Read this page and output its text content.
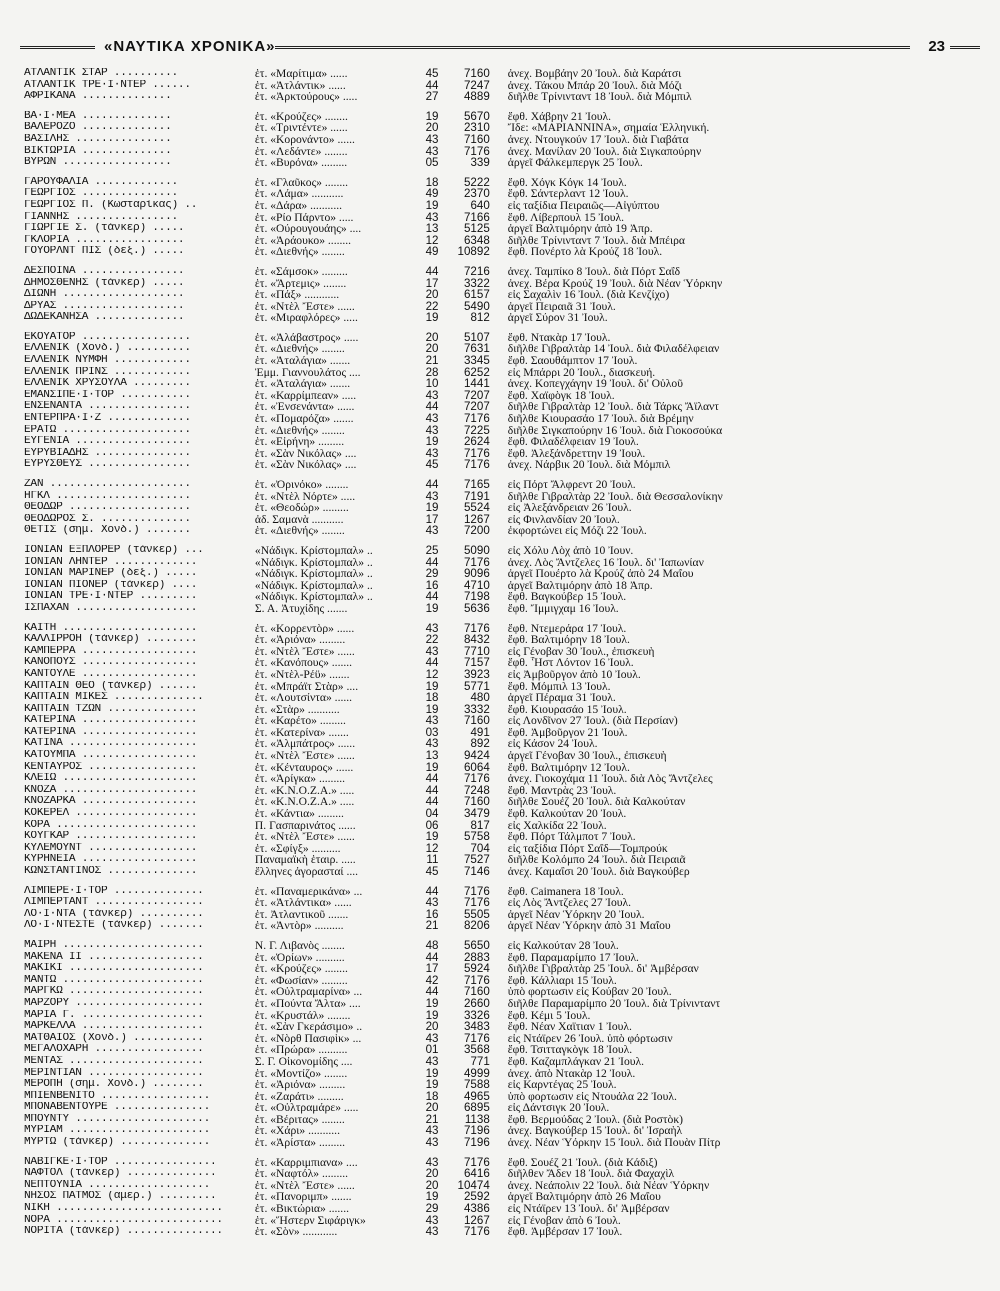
«ΝΑΥΤΙΚΑ ΧΡΟΝΙΚΑ»	23
ΑΤΛΑΝΤΙΚ ΣΤΑΡ ..........	ἑτ. «Μαρίτιμα» ......	45	7160	ἀνεχ. Βομβάην 20 Ἰουλ. διὰ Καράτσι
ΑΤΛΑΝΤΙΚ ΤΡΕ·Ι·ΝΤΕΡ ......	ἑτ. «Ἀτλάντικ» ......	44	7247	ἀνεχ. Τάκου Μπάρ 20 Ἰουλ. διὰ Μόζι
ΑΦΡΙΚΑΝΑ ..............	ἑτ. «Ἀρκτούρους» .....	27	4889	διῆλθε Τρίνινταντ 18 Ἰουλ. διὰ Μόμπιλ
ΒΑ·Ι·ΜΕΑ ..............	ἑτ. «Κρούζες» ........	19	5670	ἔφθ. Χάβρην 21 Ἰουλ.
ΒΑΛΕΡΟΖΟ ..............	ἑτ. «Τριντέντε» ......	20	2310	Ἴδε: «ΜΑΡΙΑΝΝΙΝΑ», σημαία Ἑλληνική.
ΒΑΣΙΛΗΣ ...............	ἑτ. «Κορονάντο» ......	43	7160	ἀνεχ. Ντουγκούν 17 Ἰουλ. διὰ Γιαβάτα
ΒΙΚΤΩΡΙΑ ..............	ἑτ. «Λεδάντε» ........	43	7176	ἀνεχ. Μανίλαν 20 Ἰουλ. διὰ Σιγκαπούρην
ΒΥΡΩΝ .................	ἑτ. «Βυρόνα» .........	05	339	ἀργεῖ Φάλκεμπεργκ 25 Ἰουλ.
ΓΑΡΟΥΦΑΛΙΑ .............	ἑτ. «Γλαῦκος» ........	18	5222	ἔφθ. Χόγκ Κόγκ 14 Ἰουλ.
ΓΕΩΡΓΙΟΣ ...............	ἑτ. «Λάμα» ...........	49	2370	ἔφθ. Σάντερλαντ 12 Ἰουλ.
ΓΕΩΡΓΙΟΣ Π. (Κωσταρίκας) ..	ἑτ. «Δάρα» ...........	19	640	εἰς ταξίδια Πειραιῶς—Αἰγύπτου
ΓΙΑΝΝΗΣ ................	ἑτ. «Ρίο Πάρντο» .....	43	7166	ἔφθ. Λίβερπουλ 15 Ἰουλ.
ΓΙΩΡΓΙΕ Σ. (τάνκερ) .....	ἑτ. «Ούρουγουάης» ....	13	5125	ἀργεῖ Βαλτιμόρην ἀπὸ 19 Ἀπρ.
ΓΚΛΟΡΙΑ .................	ἑτ. «Ἀράουκο» ........	12	6348	διῆλθε Τρίνινταντ 7 Ἰουλ. διὰ Μπέιρα
ΓΟΥΟΡΛΝΤ ΠΙΣ (δεξ.) .....	ἑτ. «Διεθνής» ........	49	10892	ἔφθ. Πονέρτο λὰ Κρούζ 18 Ἰουλ.
ΔΕΣΠΟΙΝΑ ................	ἑτ. «Σάμσοκ» .........	44	7216	ἀνεχ. Ταμπίκο 8 Ἰουλ. διὰ Πόρτ Σαΐδ
ΔΗΜΟΣΘΕΝΗΣ (τάνκερ) .....	ἑτ. «Ἄρτεμις» ........	17	3322	ἀνεχ. Βέρα Κρούζ 19 Ἰουλ. διὰ Νέαν Ὑόρκην
ΔΙΩΝΗ ...................	ἑτ. «Πάξ» ............	20	6157	εἰς Σαχαλὶν 16 Ἰουλ. (διὰ Κενζίχο)
ΔΡΥΑΣ ...................	ἑτ. «Ντὲλ Ἔστε» ......	22	5490	ἀργεῖ Πειραιᾶ 31 Ἰουλ.
ΔΩΔΕΚΑΝΗΣΑ ..............	ἑτ. «Μιραφλόρες» .....	19	812	ἀργεῖ Σύρον 31 Ἰουλ.
ΕΚΟΥΑΤΟΡ .................	ἑτ. «Ἀλάβαστρος» .....	20	5107	ἔφθ. Ντακὰρ 17 Ἰουλ.
ΕΛΛΕΝΙΚ (Χονδ.) ..........	ἑτ. «Διεθνής» ........	20	7631	διῆλθε Γιβραλτὰρ 14 Ἰουλ. διὰ Φιλαδέλφειαν
ΕΛΛΕΝΙΚ ΝΥΜΦΗ ............	ἑτ. «Ἀταλάγια» .......	21	3345	ἔφθ. Σαουθάμπτον 17 Ἰουλ.
ΕΛΛΕΝΙΚ ΠΡΙΝΣ ............	Ἐμμ. Γιαννουλάτος ....	28	6252	εἰς Μπάρρι 20 Ἰουλ., διασκευή.
ΕΛΛΕΝΙΚ ΧΡΥΣΟΥΛΑ .........	ἑτ. «Ἀταλάγια» .......	10	1441	ἀνεχ. Κοπεγχάγην 19 Ἰουλ. δι' Οὐλοῦ
ΕΜΑΝΣΙΠΕ·Ι·ΤΟΡ ...........	ἑτ. «Καρρίμπεαν» .....	43	7207	ἔφθ. Χαϊφὸγκ 18 Ἰουλ.
ΕΝΣΕΝΑΝΤΑ ................	ἑτ. «Ἐνσενάντα» ......	44	7207	διῆλθε Γιβραλτὰρ 12 Ἰουλ. διὰ Τάρκς Ἄϊλαντ
ΕΝΤΕΡΠΡΑ·Ι·Ζ .............	ἑτ. «Πομαρόζα» .......	43	7176	διῆλθε Κιουρασάο 17 Ἰουλ. διὰ Βρέμην
ΕΡΑΤΩ ....................	ἑτ. «Διεθνής» ........	43	7225	διῆλθε Σιγκαπούρην 16 Ἰουλ. διὰ Γιοκοσούκα
ΕΥΓΕΝΙΑ ..................	ἑτ. «Εἰρήνη» .........	19	2624	ἔφθ. Φιλαδέλφειαν 19 Ἰουλ.
ΕΥΡΥΒΙΑΔΗΣ ...............	ἑτ. «Σὰν Νικόλας» ....	43	7176	ἔφθ. Ἀλεξάνδρεττην 19 Ἰουλ.
ΕΥΡΥΣΘΕΥΣ ................	ἑτ. «Σὰν Νικόλας» ....	45	7176	ἀνεχ. Νάρβικ 20 Ἰουλ. διὰ Μόμπιλ
ΖΑΝ ......................	ἑτ. «Ὀρινόκο» ........	44	7165	εἰς Πόρτ Ἄλφρεντ 20 Ἰουλ.
ΗΓΚΛ .....................	ἑτ. «Ντὲλ Νόρτε» .....	43	7191	διῆλθε Γιβραλτὰρ 22 Ἰουλ. διὰ Θεσσαλονίκην
ΘΕΟΔΩΡ ...................	ἑτ. «Θεοδώρ» .........	19	5524	εἰς Ἀλεξάνδρειαν 26 Ἰουλ.
ΘΕΟΔΩΡΟΣ Σ. ..............	ἀδ. Σαμανὰ ...........	17	1267	εἰς Φινλανδίαν 20 Ἰουλ.
ΘΕΤΙΣ (σημ. Χονδ.) .......	ἑτ. «Διεθνής» ........	43	7200	ἐκφορτώνει εἰς Μόζι 22 Ἰουλ.
ΙΟΝΙΑΝ ΕΞΠΛΟΡΕΡ (τάνκερ) ...	«Νάδιγκ. Κρίστομπαλ» ..	25	5090	εἰς Χόλυ Λὸχ ἀπὸ 10 Ἰουν.
ΙΟΝΙΑΝ ΛΗΝΤΕΡ .............	«Νάδιγκ. Κρίστομπαλ» ..	44	7176	ἀνεχ. Λὸς Ἄντζελες 16 Ἰουλ. δι' Ἰαπωνίαν
ΙΟΝΙΑΝ ΜΑΡΙΝΕΡ (δεξ.) .....	«Νάδιγκ. Κρίστομπαλ» ..	29	9096	ἀργεῖ Πουέρτο λὰ Κρούζ ἀπὸ 24 Μαΐου
ΙΟΝΙΑΝ ΠΙΟΝΕΡ (τάνκερ) ....	«Νάδιγκ. Κρίστομπαλ» ..	16	4710	ἀργεῖ Βαλτιμόρην ἀπὸ 18 Ἀπρ.
ΙΟΝΙΑΝ ΤΡΕ·Ι·ΝΤΕΡ .........	«Νάδιγκ. Κρίστομπαλ» ..	44	7198	ἔφθ. Βαγκούβερ 15 Ἰουλ.
ΙΣΠΑΧΑΝ ...................	Σ. Α. Ἀτυχίδης .......	19	5636	ἔφθ. Ἴμμιγχαμ 16 Ἰουλ.
ΚΑΙΤΗ .....................	ἑτ. «Κορρεντὸρ» ......	43	7176	ἔφθ. Ντεμεράρα 17 Ἰουλ.
ΚΑΛΛΙΡΡΟΗ (τάνκερ) ........	ἑτ. «Ἀριόνα» .........	22	8432	ἔφθ. Βαλτιμόρην 18 Ἰουλ.
ΚΑΜΠΕΡΡΑ ..................	ἑτ. «Ντὲλ Ἔστε» ......	43	7710	εἰς Γένοβαν 30 Ἰουλ., ἐπισκευὴ
ΚΑΝΟΠΟΥΣ ..................	ἑτ. «Κανόπους» .......	44	7157	ἔφθ. Ἧστ Λόντον 16 Ἰουλ.
ΚΑΝΤΟΥΛΕ ..................	ἑτ. «Ντὲλ-Ρέϋ» .......	12	3923	εἰς Ἀμβοῦργον ἀπὸ 10 Ἰουλ.
ΚΑΠΤΑΙΝ ΘΕΟ (τάνκερ) ......	ἑτ. «Μπράϊτ Στὰρ» ....	19	5771	ἔφθ. Μόμπιλ 13 Ἰουλ.
ΚΑΠΤΑΙΝ ΜΙΚΕΣ ..............	ἑτ. «Λουτσίντα» ......	18	480	ἀργεῖ Πέραμα 31 Ἰουλ.
ΚΑΠΤΑΙΝ ΤΖΩΝ ..............	ἑτ. «Στὰρ» ...........	19	3332	ἔφθ. Κιουρασάο 15 Ἰουλ.
ΚΑΤΕΡΙΝΑ ..................	ἑτ. «Καρέτο» .........	43	7160	εἰς Λονδῖνον 27 Ἰουλ. (διὰ Περσίαν)
ΚΑΤΕΡΙΝΑ ..................	ἑτ. «Κατερίνα» .......	03	491	ἔφθ. Ἀμβοῦργον 21 Ἰουλ.
ΚΑΤΙΝΑ ....................	ἑτ. «Ἀλμπάτρος» ......	43	892	εἰς Κάσον 24 Ἰουλ.
ΚΑΤΟΥΜΠΑ ..................	ἑτ. «Ντὲλ Ἔστε» ......	13	9424	ἀργεῖ Γένοβαν 30 Ἰουλ., ἐπισκευὴ
ΚΕΝΤΑΥΡΟΣ .................	ἑτ. «Κένταυρος» ......	19	6064	ἔφθ. Βαλτιμόρην 12 Ἰουλ.
ΚΛΕΙΩ .....................	ἑτ. «Ἀρίγκα» .........	44	7176	ἀνεχ. Γιοκοχάμα 11 Ἰουλ. διὰ Λὸς Ἄντζελες
ΚΝΟΖΑ .....................	ἑτ. «Κ.Ν.Ο.Ζ.Α.» .....	44	7248	ἔφθ. Μαντρὰς 23 Ἰουλ.
ΚΝΟΖΑΡΚΑ ..................	ἑτ. «Κ.Ν.Ο.Ζ.Α.» .....	44	7160	διῆλθε Σουέζ 20 Ἰουλ. διὰ Καλκούταν
ΚΟΚΕΡΕΛ ...................	ἑτ. «Κάντια» .........	04	3479	ἔφθ. Καλκούταν 20 Ἰουλ.
ΚΟΡΑ ......................	Π. Γασπαρινάτος ......	06	817	εἰς Χαλκίδα 22 Ἰουλ.
ΚΟΥΓΚΑΡ ...................	ἑτ. «Ντὲλ Ἔστε» ......	19	5758	ἔφθ. Πόρτ Τάλμποτ 7 Ἰουλ.
ΚΥΛΕΜΟΥΝΤ .................	ἑτ. «Σφίγξ» ..........	12	704	εἰς ταξίδια Πόρτ Σαΐδ—Τομπρούκ
ΚΥΡΗΝΕΙΑ ..................	Παναμαϊκὴ ἑταιρ. .....	11	7527	διῆλθε Κολόμπο 24 Ἰουλ. διὰ Πειραιᾶ
ΚΩΝΣΤΑΝΤΙΝΟΣ ..............	ἕλληνες ἀγορασταί ....	45	7146	ἀνεχ. Καμαΐσι 20 Ἰουλ. διὰ Βαγκούβερ
ΛΙΜΠΕΡΕ·Ι·ΤΟΡ ..............	ἑτ. «Παναμερικάνα» ...	44	7176	ἔφθ. Caimanera 18 Ἰουλ.
ΛΙΜΠΕΡΤΑΝΤ .................	ἑτ. «Ἀτλάντικα» ......	43	7176	εἰς Λὸς Ἄντζελες 27 Ἰουλ.
ΛΟ·Ι·ΝΤΑ (τάνκερ) ..........	ἑτ. Ἀτλαντικοῦ .......	16	5505	ἀργεῖ Νέαν Ὑόρκην 20 Ἰουλ.
ΛΟ·Ι·ΝΤΕΣΤΕ (τάνκερ) .......	ἑτ. «Ἀντὸρ» ..........	21	8206	ἀργεῖ Νέαν Ὑόρκην ἀπὸ 31 Μαΐου
ΜΑΙΡΗ ......................	Ν. Γ. Λιβανὸς ........	48	5650	εἰς Καλκούταν 28 Ἰουλ.
ΜΑΚΕΝΑ ΙΙ ..................	ἑτ. «Ὁρίων» ..........	44	2883	ἔφθ. Παραμαρίμπο 17 Ἰουλ.
ΜΑΚΙΚΙ .....................	ἑτ. «Κρούζες» ........	17	5924	διῆλθε Γιβραλτὰρ 25 Ἰουλ. δι' Ἀμβέρσαν
ΜΑΝΤΩ ......................	ἑτ. «Φωσίαν» .........	42	7176	ἔφθ. Κάλλιαρι 15 Ἰουλ.
ΜΑΡΓΚΩ .....................	ἑτ. «Οὐλτραμαρίνα» ...	44	7160	ὑπὸ φορτωσιν εἰς Κούβαν 20 Ἰουλ.
ΜΑΡΖΟΡΥ ....................	ἑτ. «Πούντα Ἄλτα» ....	19	2660	διῆλθε Παραμαρίμπο 20 Ἰουλ. διὰ Τρίνινταντ
ΜΑΡΙΑ Γ. ...................	ἑτ. «Κρυστάλ» ........	19	3326	ἔφθ. Κέμι 5 Ἰουλ.
ΜΑΡΚΕΛΛΑ ...................	ἑτ. «Σὰν Γκεράσιμο» ..	20	3483	ἔφθ. Νέαν Χαϊτιαν 1 Ἰουλ.
ΜΑΤΘΑΙΟΣ (Χονδ.) ...........	ἑτ. «Νὸρθ Πασιφὶκ» ...	43	7176	εἰς Ντάϊρεν 26 Ἰουλ. ὑπὸ φόρτωσιν
ΜΕΓΑΛΟΧΑΡΗ .................	ἑτ. «Πρώρα» ..........	01	3568	ἔφθ. Τσιτταγκὸγκ 18 Ἰουλ.
ΜΕΝΤΑΣ .....................	Σ. Γ. Οἰκονομίδης ....	43	771	ἔφθ. Καζαμπλάγκαν 21 Ἰουλ.
ΜΕΡΙΝΤΙΑΝ ..................	ἑτ. «Μοντίζο» ........	19	4999	ἀνεχ. ἀπὸ Ντακὰρ 12 Ἰουλ.
ΜΕΡΟΠΗ (σημ. Χονδ.) ........	ἑτ. «Ἀριόνα» .........	19	7588	εἰς Καρντέγας 25 Ἰουλ.
ΜΠΙΕΝΒΕΝΙΤΟ .................	ἑτ. «Ζαράτι» .........	18	4965	ὑπὸ φορτωσιν εἰς Ντουάλα 22 Ἰουλ.
ΜΠΟΝΑΒΕΝΤΟΥΡΕ ...............	ἑτ. «Οὐλτραμάρε» .....	20	6895	εἰς Δάντσιγκ 20 Ἰουλ.
ΜΠΟΥΝΤΥ .....................	ἑτ. «Βέριτας» ........	21	1138	ἔφθ. Βερμούδας 2 Ἰουλ. (διὰ Ροστὸκ)
ΜΥΡΙΑΜ ......................	ἑτ. «Χάρι» ...........	43	7196	ἀνεχ. Βαγκούβερ 15 Ἰουλ. δι' Ἰσραὴλ
ΜΥΡΤΩ (τάνκερ) ..............	ἑτ. «Ἀρίστα» .........	43	7196	ἀνεχ. Νέαν Ὑόρκην 15 Ἰουλ. διὰ Πουὰν Πίτρ
ΝΑΒΙΓΚΕ·Ι·ΤΟΡ ................	ἑτ. «Καρριμπιανα» ....	43	7176	ἔφθ. Σουέζ 21 Ἰουλ. (διὰ Κάδιξ)
ΝΑΦΤΟΛ (τάνκερ) ..............	ἑτ. «Ναφτόλ» .........	20	6416	διῆλθεν Ἄδεν 18 Ἰουλ. διὰ Φαχαχὶλ
ΝΕΠΤΟΥΝΙΑ ...................	ἑτ. «Ντὲλ Ἔστε» ......	20	10474	ἀνεχ. Νεάπολιν 22 Ἰουλ. διὰ Νέαν Ὑόρκην
ΝΗΣΟΣ ΠΑΤΜΟΣ (ἀμερ.) .........	ἑτ. «Πανοριμπ» .......	19	2592	ἀργεῖ Βαλτιμόρην ἀπὸ 26 Μαΐου
ΝΙΚΗ ..........................	ἑτ. «Βικτώρια» .......	29	4386	εἰς Ντάϊρεν 13 Ἰουλ. δι' Ἀμβέρσαν
ΝΟΡΑ ..........................	ἑτ. «Ἥστερν Σιφάριγκ»	43	1267	εἰς Γένοβαν ἀπὸ 6 Ἰουλ.
ΝΟΡΙΤΑ (τάνκερ) ...............	ἑτ. «Σὸν» ............	43	7176	ἔφθ. Ἀμβέρσαν 17 Ἰουλ.
